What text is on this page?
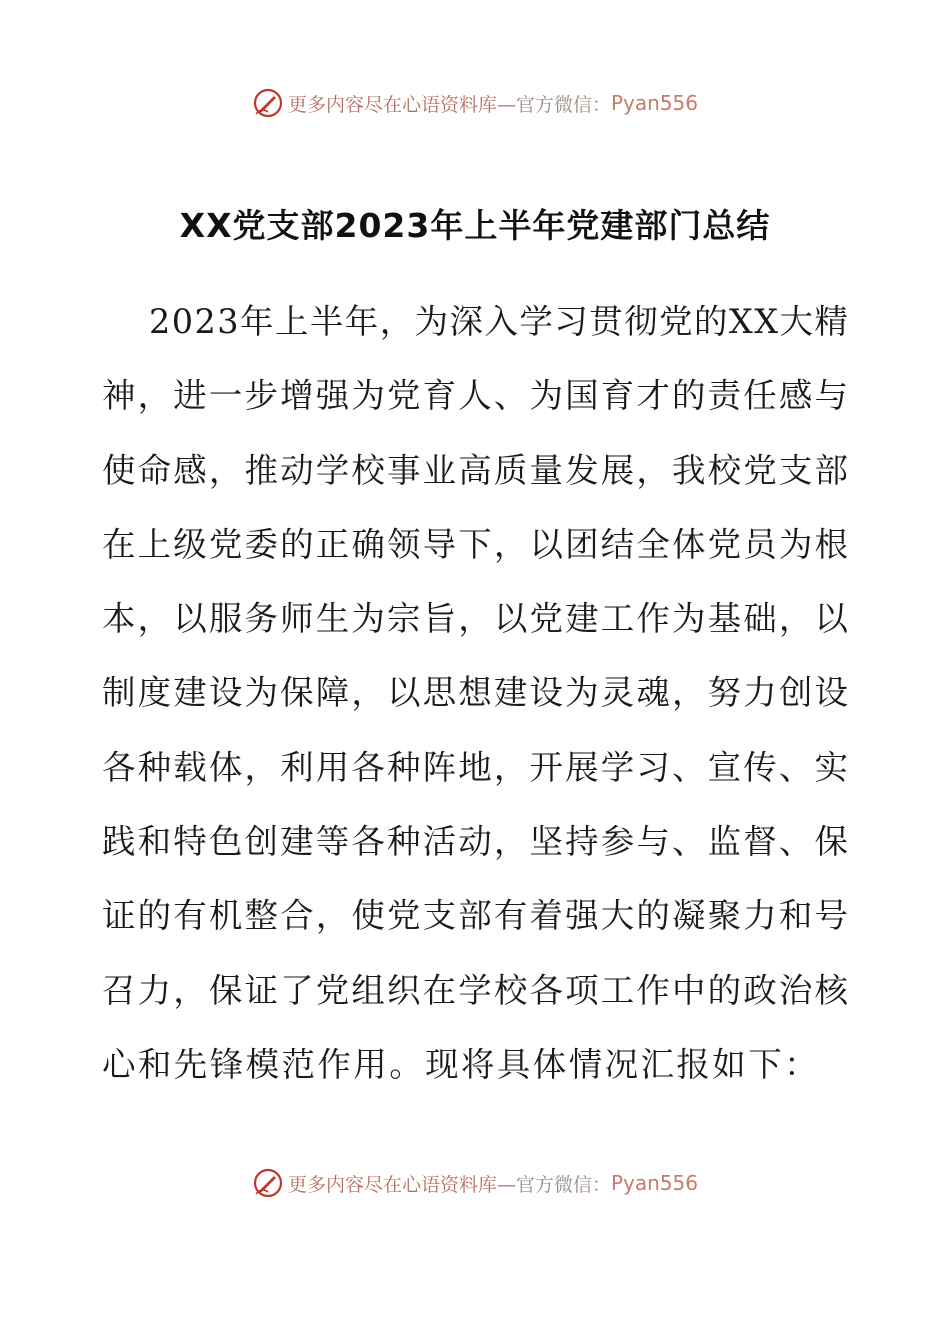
更多内容尽在心语资料库— 官方微信： Pyan556
XX党支部2023年上半年党建部门总结
2 0 2 3 年 上 半 年 ， 为 深 入 学 习 贯 彻 党 的 X X 大 精
神 ， 进 一 步 增 强 为 党 育 人 、 为 国 育 才 的 责 任 感 与
使 命 感 ， 推 动 学 校 事 业 高 质 量 发 展 ， 我 校 党 支 部
在 上 级 党 委 的 正 确 领 导 下 ， 以 团 结 全 体 党 员 为 根
本 ， 以 服 务 师 生 为 宗 旨 ， 以 党 建 工 作 为 基 础 ， 以
制 度 建 设 为 保 障 ， 以 思 想 建 设 为 灵 魂 ， 努 力 创 设
各 种 载 体 ， 利 用 各 种 阵 地 ， 开 展 学 习 、 宣 传 、 实
践 和 特 色 创 建 等 各 种 活 动 ， 坚 持 参 与 、 监 督 、 保
证 的 有 机 整 合 ， 使 党 支 部 有 着 强 大 的 凝 聚 力 和 号
召 力 ， 保 证 了 党 组 织 在 学 校 各 项 工 作 中 的 政 治 核
心和先锋模范作用。现将具体情况汇报如下：
更多内容尽在心语资料库— 官方微信： Pyan556
